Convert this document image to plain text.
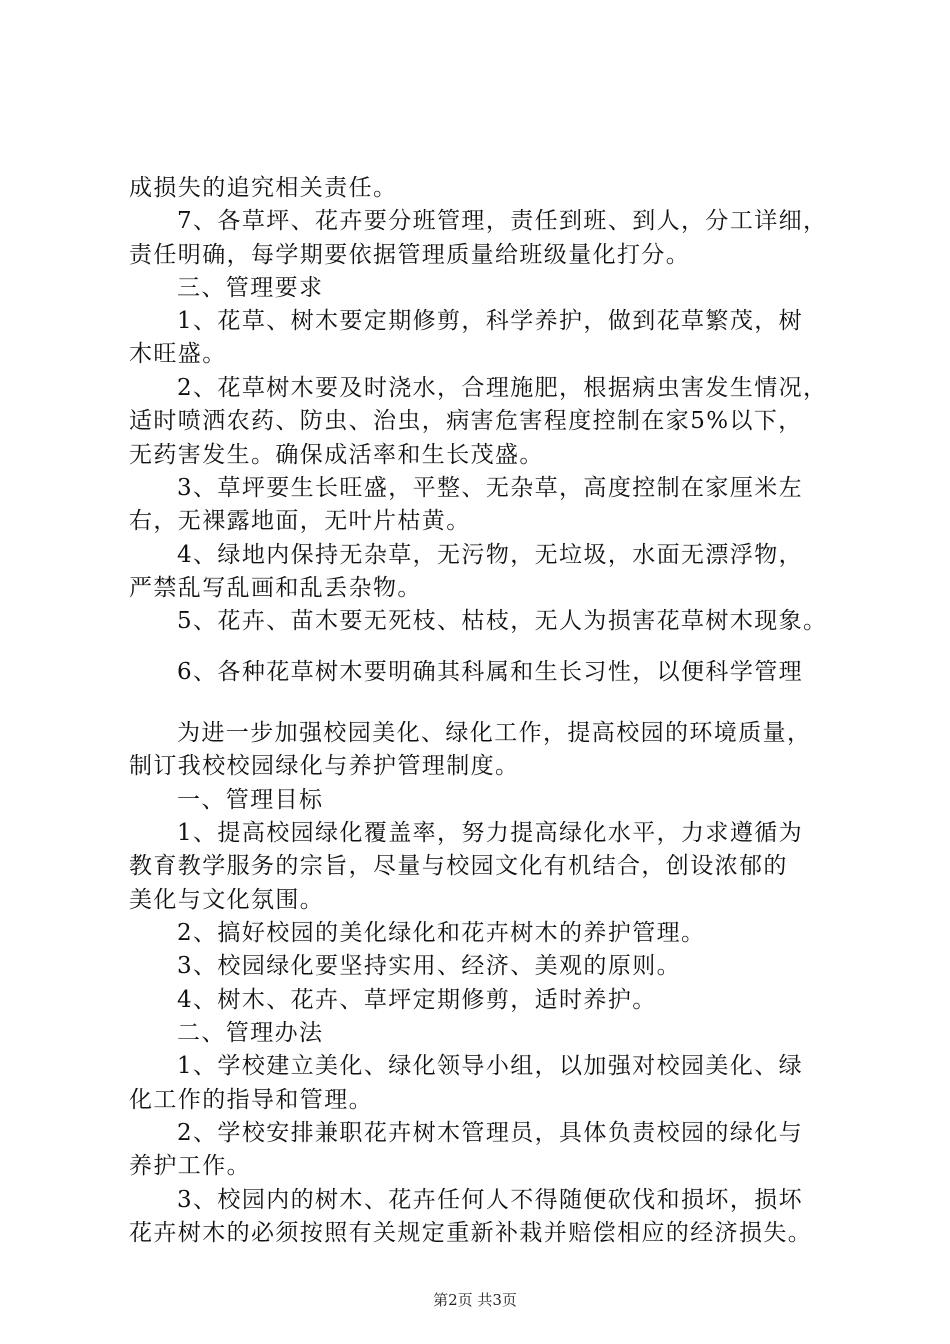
成损失的追究相关责任。
7、各草坪、花卉要分班管理，责任到班、到人，分工详细，
责任明确，每学期要依据管理质量给班级量化打分。
三、管理要求
1、花草、树木要定期修剪，科学养护，做到花草繁茂，树
木旺盛。
2、花草树木要及时浇水，合理施肥，根据病虫害发生情况，
适时喷洒农药、防虫、治虫，病害危害程度控制在家5%以下，
无药害发生。确保成活率和生长茂盛。
3、草坪要生长旺盛，平整、无杂草，高度控制在家厘米左
右，无裸露地面，无叶片枯黄。
4、绿地内保持无杂草，无污物，无垃圾，水面无漂浮物，
严禁乱写乱画和乱丢杂物。
5、花卉、苗木要无死枝、枯枝，无人为损害花草树木现象。
6、各种花草树木要明确其科属和生长习性，以便科学管理
为进一步加强校园美化、绿化工作，提高校园的环境质量，
制订我校校园绿化与养护管理制度。
一、管理目标
1、提高校园绿化覆盖率，努力提高绿化水平，力求遵循为
教育教学服务的宗旨，尽量与校园文化有机结合，创设浓郁的
美化与文化氛围。
2、搞好校园的美化绿化和花卉树木的养护管理。
3、校园绿化要坚持实用、经济、美观的原则。
4、树木、花卉、草坪定期修剪，适时养护。
二、管理办法
1、学校建立美化、绿化领导小组，以加强对校园美化、绿
化工作的指导和管理。
2、学校安排兼职花卉树木管理员，具体负责校园的绿化与
养护工作。
3、校园内的树木、花卉任何人不得随便砍伐和损坏，损坏
花卉树木的必须按照有关规定重新补栽并赔偿相应的经济损失。
第2页 共3页
